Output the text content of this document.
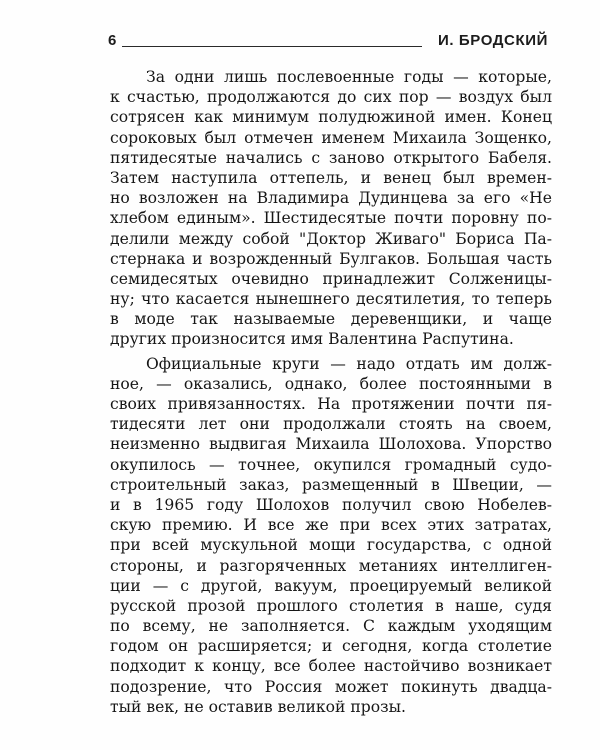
6	И. БРОДСКИЙ
За одни лишь послевоенные годы — которые,
к счастью, продолжаются до сих пор — воздух был
сотрясен как минимум полудюжиной имен. Конец
сороковых был отмечен именем Михаила Зощенко,
пятидесятые начались с заново открытого Бабеля.
Затем наступила оттепель, и венец был времен-
но возложен на Владимира Дудинцева за его «Не
хлебом единым». Шестидесятые почти поровну по-
делили между собой "Доктор Живаго" Бориса Па-
стернака и возрожденный Булгаков. Большая часть
семидесятых очевидно принадлежит Солженицы-
ну; что касается нынешнего десятилетия, то теперь
в моде так называемые деревенщики, и чаще
других произносится имя Валентина Распутина.
Официальные круги — надо отдать им долж-
ное, — оказались, однако, более постоянными в
своих привязанностях. На протяжении почти пя-
тидесяти лет они продолжали стоять на своем,
неизменно выдвигая Михаила Шолохова. Упорство
окупилось — точнее, окупился громадный судо-
строительный заказ, размещенный в Швеции, —
и в 1965 году Шолохов получил свою Нобелев-
скую премию. И все же при всех этих затратах,
при всей мускульной мощи государства, с одной
стороны, и разгоряченных метаниях интеллиген-
ции — с другой, вакуум, проецируемый великой
русской прозой прошлого столетия в наше, судя
по всему, не заполняется. С каждым уходящим
годом он расширяется; и сегодня, когда столетие
подходит к концу, все более настойчиво возникает
подозрение, что Россия может покинуть двадца-
тый век, не оставив великой прозы.
